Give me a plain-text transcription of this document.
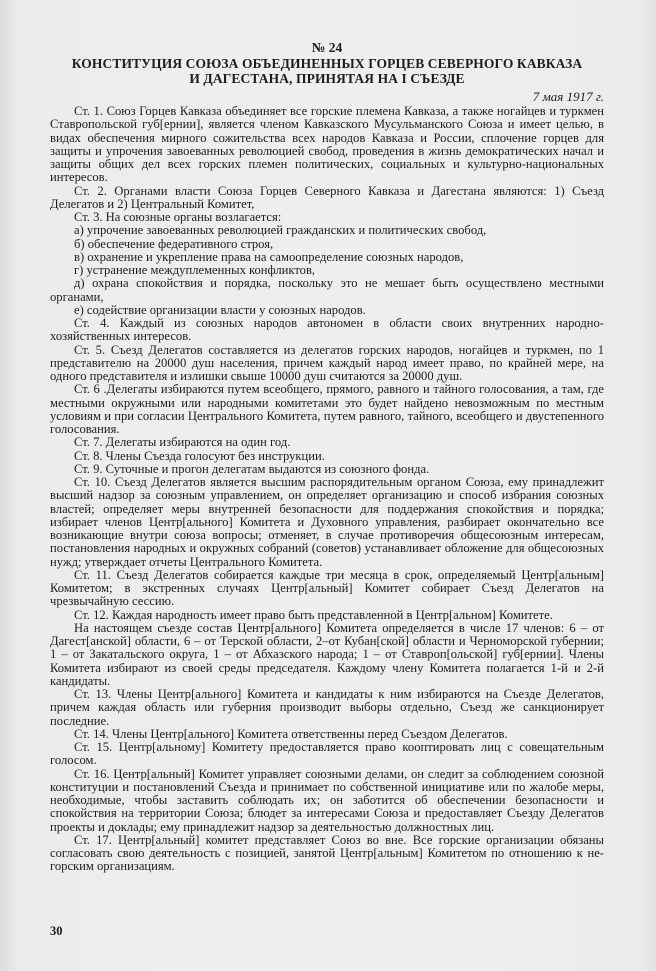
№ 24
КОНСТИТУЦИЯ СОЮЗА ОБЪЕДИНЕННЫХ ГОРЦЕВ СЕВЕРНОГО КАВКАЗА
И ДАГЕСТАНА, ПРИНЯТАЯ НА I СЪЕЗДЕ
7 мая 1917 г.

Ст. 1. Союз Горцев Кавказа объединяет все горские племена Кавказа, а также ногайцев и туркмен Ставропольской губ[ернии], является членом Кавказского Мусульманского Союза и имеет целью, в видах обеспечения мирного сожительства всех народов Кавказа и России, сплочение горцев для защиты и упрочения завоеванных революцией свобод, проведения в жизнь демократических начал и защиты общих дел всех горских племен политических, социальных и культурно-национальных интересов.

Ст. 2. Органами власти Союза Горцев Северного Кавказа и Дагестана являются: 1) Съезд Делегатов и 2) Центральный Комитет,

Ст. 3. На союзные органы возлагается:

а) упрочение завоеванных революцией гражданских и политических свобод,

б) обеспечение федеративного строя,

в) охранение и укрепление права на самоопределение союзных народов,

г) устранение междуплеменных конфликтов,

д) охрана спокойствия и порядка, поскольку это не мешает быть осуществлено местными органами,

е) содействие организации власти у союзных народов.

Ст. 4. Каждый из союзных народов автономен в области своих внутренних народно-хозяйственных интересов.

Ст. 5. Съезд Делегатов составляется из делегатов горских народов, ногайцев и туркмен, по 1 представителю на 20000 душ населения, причем каждый народ имеет право, по крайней мере, на одного представителя и излишки свыше 10000 душ считаются за 20000 душ.

Ст. 6 .Делегаты избираются путем всеобщего, прямого, равного и тайного голосования, а там, где местными окружными или народными комитетами это будет найдено невозможным по местным условиям и при согласии Центрального Комитета, путем равного, тайного, всеобщего и двустепенного голосования.

Ст. 7. Делегаты избираются на один год.

Ст. 8. Члены Съезда голосуют без инструкции.

Ст. 9. Суточные и прогон делегатам выдаются из союзного фонда.

Ст. 10. Съезд Делегатов является высшим распорядительным органом Союза, ему принадлежит высший надзор за союзным управлением, он определяет организацию и способ избрания союзных властей; определяет меры внутренней безопасности для поддержания спокойствия и порядка; избирает членов Центр[ального] Комитета и Духовного управления, разбирает окончательно все возникающие внутри союза вопросы; отменяет, в случае противоречия общесоюзным интересам, постановления народных и окружных собраний (советов) устанавливает обложение для общесоюзных нужд; утверждает отчеты Центрального Комитета.

Ст. 11. Съезд Делегатов собирается каждые три месяца в срок, определяемый Центр[альным] Комитетом; в экстренных случаях Центр[альный] Комитет собирает Съезд Делегатов на чрезвычайную сессию.

Ст. 12. Каждая народность имеет право быть представленной в Центр[альном] Комитете.

На настоящем съезде состав Центр[ального] Комитета определяется в числе 17 членов: 6 – от Дагест[анской] области, 6 – от Терской области, 2–от Кубан[ской] области и Черноморской губернии; 1 – от Закатальского округа, 1 – от Абхазского народа; 1 – от Ставроп[ольской] губ[ернии]. Члены Комитета избирают из своей среды председателя. Каждому члену Комитета полагается 1-й и 2-й кандидаты.

Ст. 13. Члены Центр[ального] Комитета и кандидаты к ним избираются на Съезде Делегатов, причем каждая область или губерния производит выборы отдельно, Съезд же санкционирует последние.

Ст. 14. Члены Центр[ального] Комитета ответственны перед Съездом Делегатов.

Ст. 15. Центр[альному] Комитету предоставляется право кооптировать лиц с совещательным голосом.

Ст. 16. Центр[альный] Комитет управляет союзными делами, он следит за соблюдением союзной конституции и постановлений Съезда и принимает по собственной инициативе или по жалобе меры, необходимые, чтобы заставить соблюдать их; он заботится об обеспечении безопасности и спокойствия на территории Союза; блюдет за интересами Союза и предоставляет Съезду Делегатов проекты и доклады; ему принадлежит надзор за деятельностью должностных лиц.

Ст. 17. Центр[альный] комитет представляет Союз во вне. Все горские организации обязаны согласовать свою деятельность с позицией, занятой Центр[альным] Комитетом по отношению к не-горским организациям.

30
